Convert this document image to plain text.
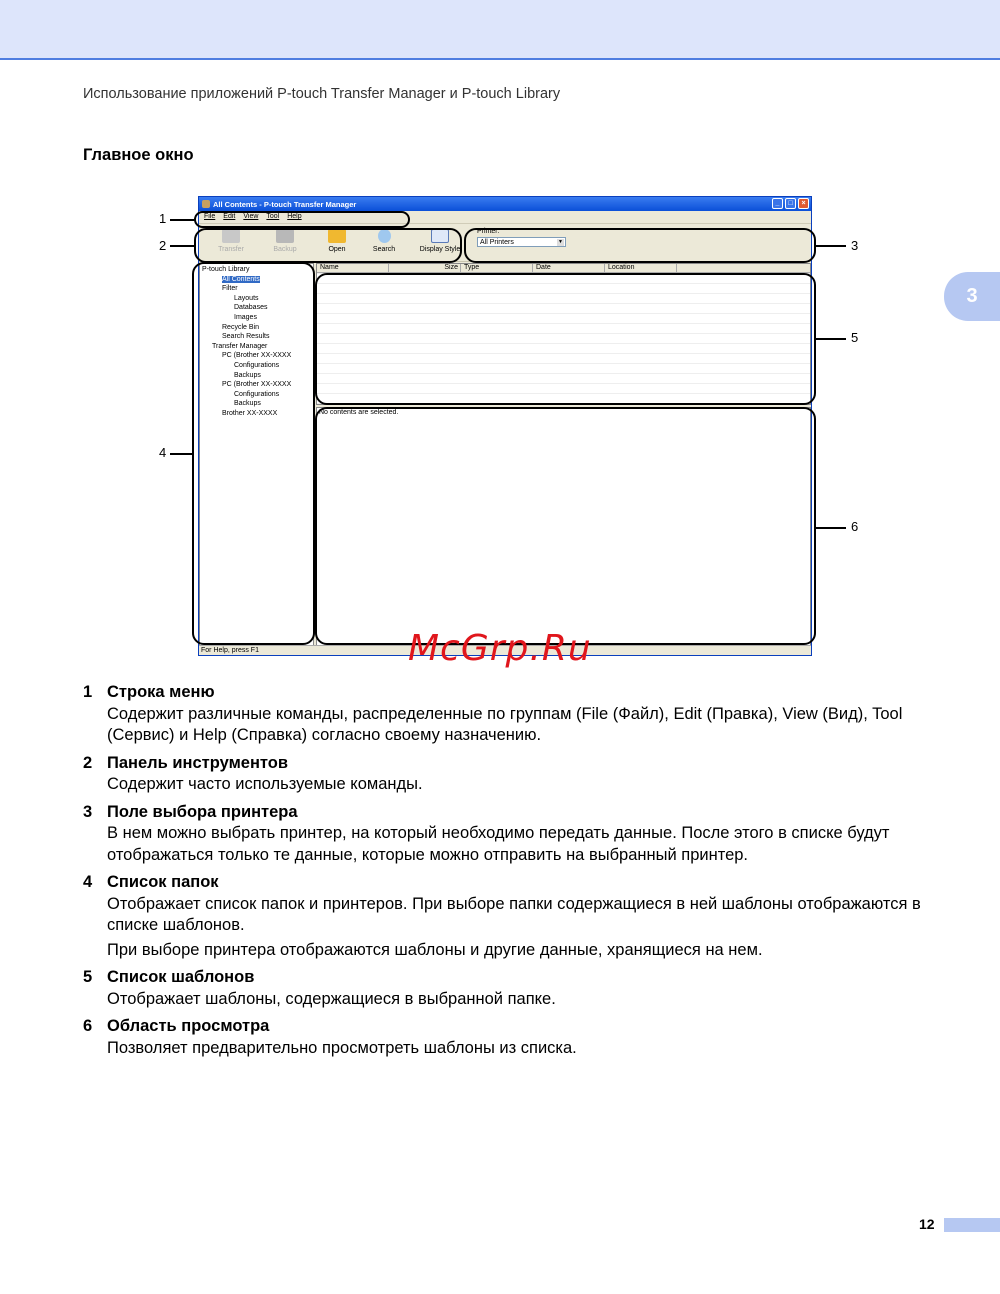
Использование приложений P-touch Transfer Manager и P-touch Library
Главное окно
3
All Contents - P-touch Transfer Manager	_	□	×
File Edit View Tool Help
Transfer	Backup	Open	Search	Display Style
Printer:
All Printers	▼
P-touch Library
All Contents
Filter
Layouts
Databases
Images
Recycle Bin
Search Results
Transfer Manager
PC (Brother XX-XXXX
Configurations
Backups
PC (Brother XX-XXXX
Configurations
Backups
Brother XX-XXXX
Name	Size Type	Date	Location
No contents are selected.
For Help, press F1
1
2	3
4
5
6
McGrp.Ru
1 Строка меню

Содержит различные команды, распределенные по группам (File (Файл), Edit (Правка), View (Вид), Tool (Сервис) и Help (Справка) согласно своему назначению.

2 Панель инструментов

Содержит часто используемые команды.

3 Поле выбора принтера

В нем можно выбрать принтер, на который необходимо передать данные. После этого в списке будут отображаться только те данные, которые можно отправить на выбранный принтер.

4 Список папок

Отображает список папок и принтеров. При выборе папки содержащиеся в ней шаблоны отображаются в списке шаблонов.

При выборе принтера отображаются шаблоны и другие данные, хранящиеся на нем.

5 Список шаблонов

Отображает шаблоны, содержащиеся в выбранной папке.

6 Область просмотра

Позволяет предварительно просмотреть шаблоны из списка.

12
